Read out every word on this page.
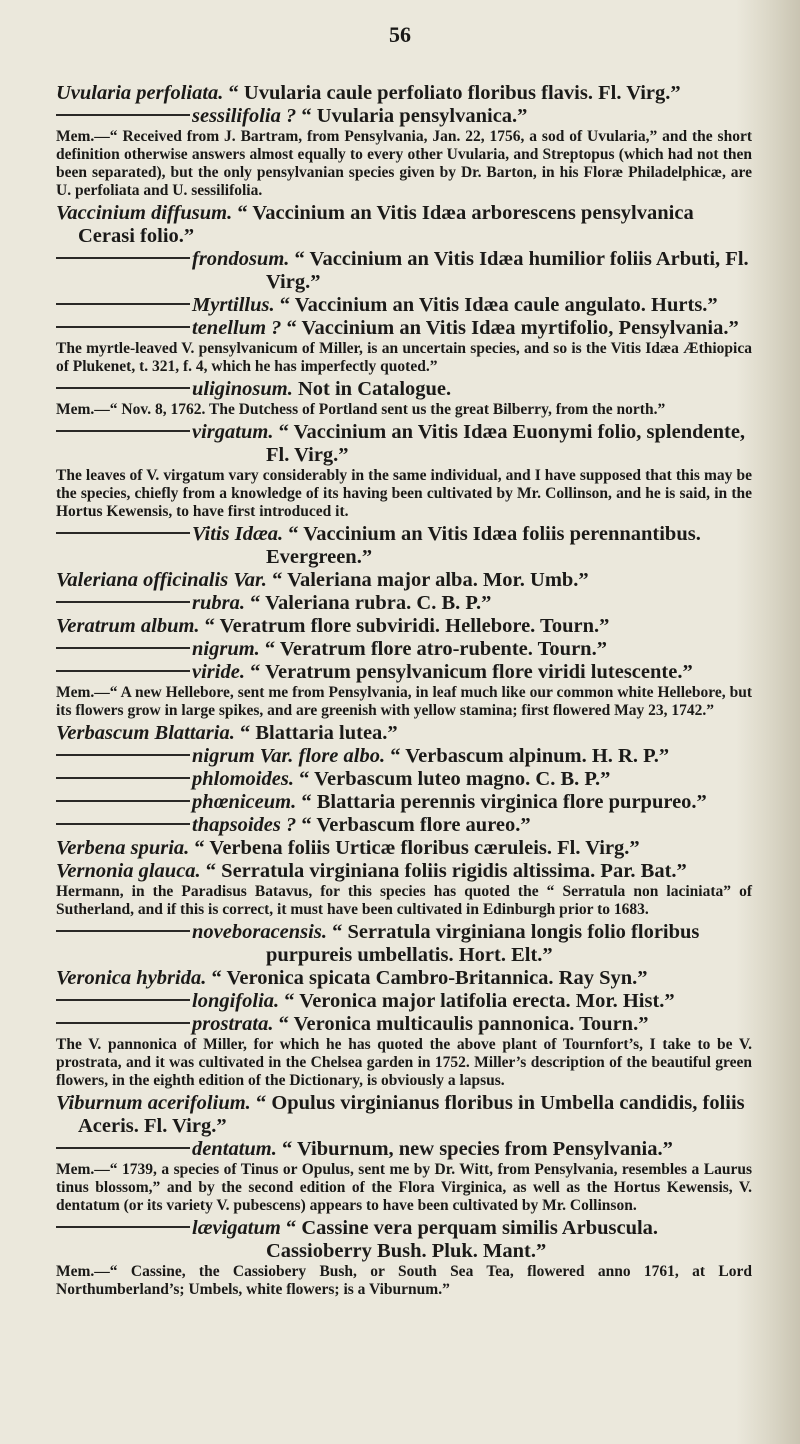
56
Uvularia perfoliata. “ Uvularia caule perfoliato floribus flavis. Fl. Virg.”
sessilifolia ? “ Uvularia pensylvanica.”
Mem.—“ Received from J. Bartram, from Pensylvania, Jan. 22, 1756, a sod of Uvularia,” and the short definition otherwise answers almost equally to every other Uvularia, and Streptopus (which had not then been separated), but the only pensylvanian species given by Dr. Barton, in his Floræ Philadelphicæ, are U. perfoliata and U. sessilifolia.
Vaccinium diffusum. “ Vaccinium an Vitis Idæa arborescens pensylvanica Cerasi folio.”
frondosum. “ Vaccinium an Vitis Idæa humilior foliis Arbuti, Fl. Virg.”
Myrtillus. “ Vaccinium an Vitis Idæa caule angulato. Hurts.”
tenellum ? “ Vaccinium an Vitis Idæa myrtifolio, Pensylvania.”
The myrtle-leaved V. pensylvanicum of Miller, is an uncertain species, and so is the Vitis Idæa Æthiopica of Plukenet, t. 321, f. 4, which he has imperfectly quoted.”
uliginosum. Not in Catalogue.
Mem.—“ Nov. 8, 1762. The Dutchess of Portland sent us the great Bilberry, from the north.”
virgatum. “ Vaccinium an Vitis Idæa Euonymi folio, splendente, Fl. Virg.”
The leaves of V. virgatum vary considerably in the same individual, and I have supposed that this may be the species, chiefly from a knowledge of its having been cultivated by Mr. Collinson, and he is said, in the Hortus Kewensis, to have first introduced it.
Vitis Idæa. “ Vaccinium an Vitis Idæa foliis perennantibus. Evergreen.”
Valeriana officinalis Var. “ Valeriana major alba. Mor. Umb.”
rubra. “ Valeriana rubra. C. B. P.”
Veratrum album. “ Veratrum flore subviridi. Hellebore. Tourn.”
nigrum. “ Veratrum flore atro-rubente. Tourn.”
viride. “ Veratrum pensylvanicum flore viridi lutescente.”
Mem.—“ A new Hellebore, sent me from Pensylvania, in leaf much like our common white Hellebore, but its flowers grow in large spikes, and are greenish with yellow stamina; first flowered May 23, 1742.”
Verbascum Blattaria. “ Blattaria lutea.”
nigrum Var. flore albo. “ Verbascum alpinum. H. R. P.”
phlomoides. “ Verbascum luteo magno. C. B. P.”
phœniceum. “ Blattaria perennis virginica flore purpureo.”
thapsoides ? “ Verbascum flore aureo.”
Verbena spuria. “ Verbena foliis Urticæ floribus cæruleis. Fl. Virg.”
Vernonia glauca. “ Serratula virginiana foliis rigidis altissima. Par. Bat.”
Hermann, in the Paradisus Batavus, for this species has quoted the “ Serratula non laciniata” of Sutherland, and if this is correct, it must have been cultivated in Edinburgh prior to 1683.
noveboracensis. “ Serratula virginiana longis folio floribus purpureis umbellatis. Hort. Elt.”
Veronica hybrida. “ Veronica spicata Cambro-Britannica. Ray Syn.”
longifolia. “ Veronica major latifolia erecta. Mor. Hist.”
prostrata. “ Veronica multicaulis pannonica. Tourn.”
The V. pannonica of Miller, for which he has quoted the above plant of Tournfort’s, I take to be V. prostrata, and it was cultivated in the Chelsea garden in 1752. Miller’s description of the beautiful green flowers, in the eighth edition of the Dictionary, is obviously a lapsus.
Viburnum acerifolium. “ Opulus virginianus floribus in Umbella candidis, foliis Aceris. Fl. Virg.”
dentatum. “ Viburnum, new species from Pensylvania.”
Mem.—“ 1739, a species of Tinus or Opulus, sent me by Dr. Witt, from Pensylvania, resembles a Laurus tinus blossom,” and by the second edition of the Flora Virginica, as well as the Hortus Kewensis, V. dentatum (or its variety V. pubescens) appears to have been cultivated by Mr. Collinson.
lævigatum “ Cassine vera perquam similis Arbuscula. Cassioberry Bush. Pluk. Mant.”
Mem.—“ Cassine, the Cassiobery Bush, or South Sea Tea, flowered anno 1761, at Lord Northumberland’s; Umbels, white flowers; is a Viburnum.”
